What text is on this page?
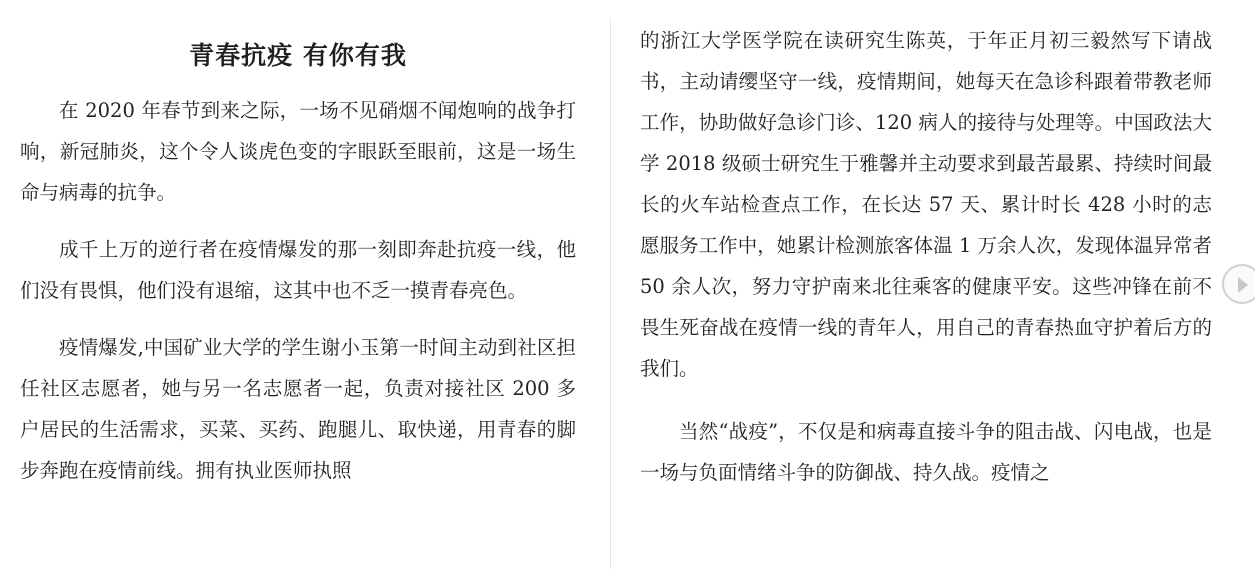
青春抗疫 有你有我

在 2020 年春节到来之际，一场不见硝烟不闻炮响的战争打响，新冠肺炎，这个令人谈虎色变的字眼跃至眼前，这是一场生命与病毒的抗争。

成千上万的逆行者在疫情爆发的那一刻即奔赴抗疫一线，他们没有畏惧，他们没有退缩，这其中也不乏一摸青春亮色。

疫情爆发,中国矿业大学的学生谢小玉第一时间主动到社区担任社区志愿者，她与另一名志愿者一起，负责对接社区 200 多户居民的生活需求，买菜、买药、跑腿儿、取快递，用青春的脚步奔跑在疫情前线。拥有执业医师执照

的浙江大学医学院在读研究生陈英，于年正月初三毅然写下请战书，主动请缨坚守一线，疫情期间，她每天在急诊科跟着带教老师工作，协助做好急诊门诊、120 病人的接待与处理等。中国政法大学 2018 级硕士研究生于雅馨并主动要求到最苦最累、持续时间最长的火车站检查点工作，在长达 57 天、累计时长 428 小时的志愿服务工作中，她累计检测旅客体温 1 万余人次，发现体温异常者 50 余人次，努力守护南来北往乘客的健康平安。这些冲锋在前不畏生死奋战在疫情一线的青年人，用自己的青春热血守护着后方的我们。

当然“战疫”，不仅是和病毒直接斗争的阻击战、闪电战，也是一场与负面情绪斗争的防御战、持久战。疫情之
